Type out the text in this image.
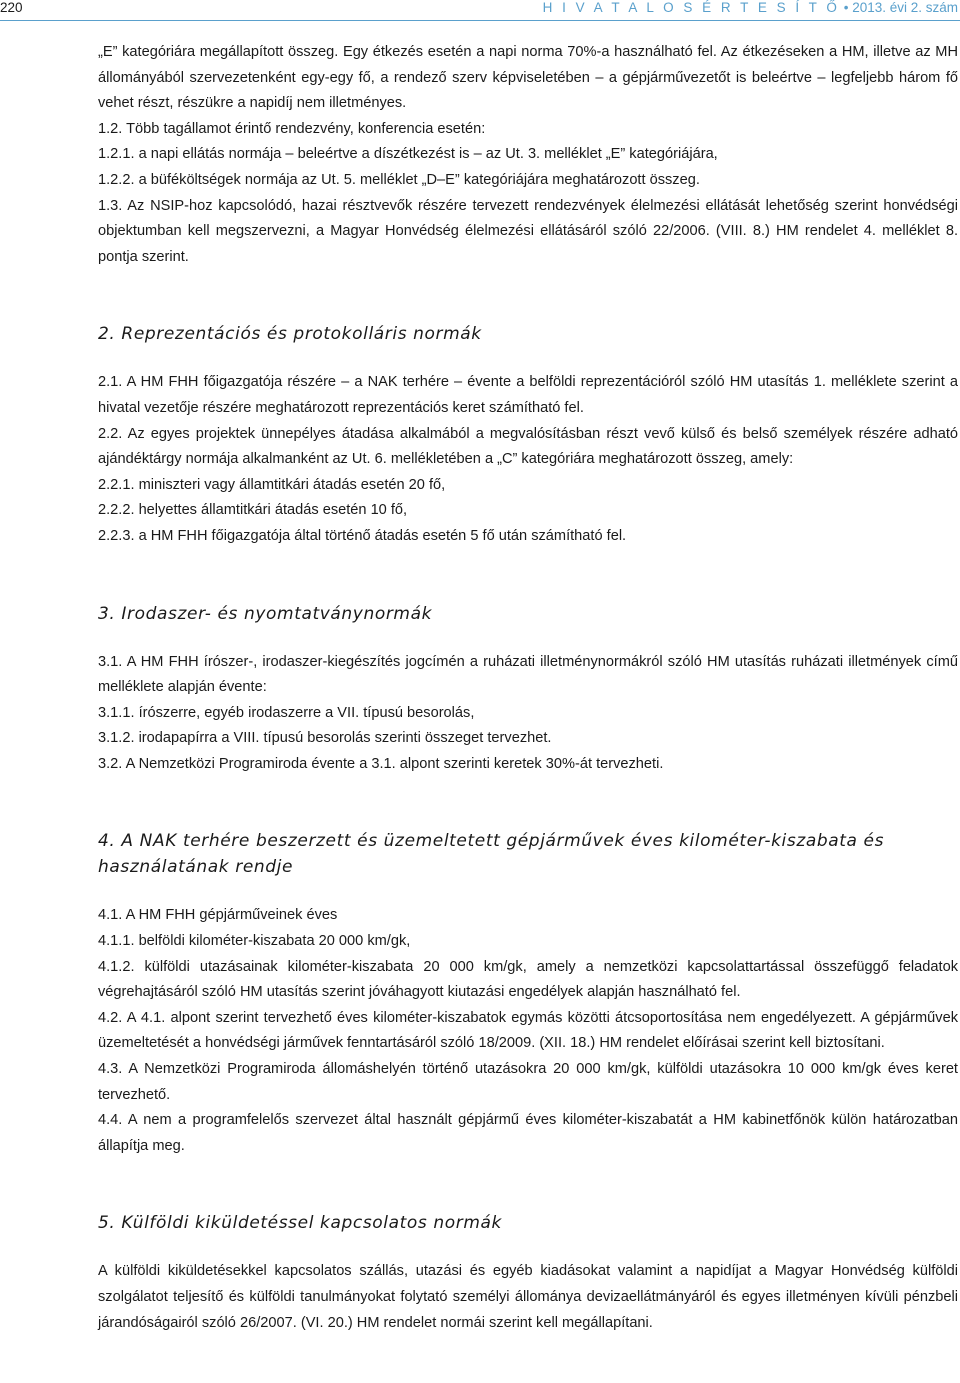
220	H I V A T A L O S É R T E S Í T Ő • 2013. évi 2. szám

„E” kategóriára megállapított összeg. Egy étkezés esetén a napi norma 70%-a használható fel. Az étkezéseken a HM, illetve az MH állományából szervezetenként egy-egy fő, a rendező szerv képviseletében – a gépjárművezetőt is beleértve – legfeljebb három fő vehet részt, részükre a napidíj nem illetményes.

1.2. Több tagállamot érintő rendezvény, konferencia esetén:

1.2.1. a napi ellátás normája – beleértve a díszétkezést is – az Ut. 3. melléklet „E” kategóriájára,

1.2.2. a büféköltségek normája az Ut. 5. melléklet „D–E” kategóriájára meghatározott összeg.

1.3. Az NSIP-hoz kapcsolódó, hazai résztvevők részére tervezett rendezvények élelmezési ellátását lehetőség szerint honvédségi objektumban kell megszervezni, a Magyar Honvédség élelmezési ellátásáról szóló 22/2006. (VIII. 8.) HM rendelet 4. melléklet 8. pontja szerint.

2. Reprezentációs és protokolláris normák

2.1. A HM FHH főigazgatója részére – a NAK terhére – évente a belföldi reprezentációról szóló HM utasítás 1. melléklete szerint a hivatal vezetője részére meghatározott reprezentációs keret számítható fel.

2.2. Az egyes projektek ünnepélyes átadása alkalmából a megvalósításban részt vevő külső és belső személyek részére adható ajándéktárgy normája alkalmanként az Ut. 6. mellékletében a „C” kategóriára meghatározott összeg, amely:

2.2.1. miniszteri vagy államtitkári átadás esetén 20 fő,

2.2.2. helyettes államtitkári átadás esetén 10 fő,

2.2.3. a HM FHH főigazgatója által történő átadás esetén 5 fő után számítható fel.

3. Irodaszer- és nyomtatványnormák

3.1. A HM FHH írószer-, irodaszer-kiegészítés jogcímén a ruházati illetménynormákról szóló HM utasítás ruházati illetmények című melléklete alapján évente:

3.1.1. írószerre, egyéb irodaszerre a VII. típusú besorolás,

3.1.2. irodapapírra a VIII. típusú besorolás szerinti összeget tervezhet.

3.2. A Nemzetközi Programiroda évente a 3.1. alpont szerinti keretek 30%-át tervezheti.

4. A NAK terhére beszerzett és üzemeltetett gépjárművek éves kilométer-kiszabata és használatának rendje

4.1. A HM FHH gépjárműveinek éves

4.1.1. belföldi kilométer-kiszabata 20 000 km/gk,

4.1.2. külföldi utazásainak kilométer-kiszabata 20 000 km/gk, amely a nemzetközi kapcsolattartással összefüggő feladatok végrehajtásáról szóló HM utasítás szerint jóváhagyott kiutazási engedélyek alapján használható fel.

4.2. A 4.1. alpont szerint tervezhető éves kilométer-kiszabatok egymás közötti átcsoportosítása nem engedélyezett. A gépjárművek üzemeltetését a honvédségi járművek fenntartásáról szóló 18/2009. (XII. 18.) HM rendelet előírásai szerint kell biztosítani.

4.3. A Nemzetközi Programiroda állomáshelyén történő utazásokra 20 000 km/gk, külföldi utazásokra 10 000 km/gk éves keret tervezhető.

4.4. A nem a programfelelős szervezet által használt gépjármű éves kilométer-kiszabatát a HM kabinetfőnök külön határozatban állapítja meg.

5. Külföldi kiküldetéssel kapcsolatos normák

A külföldi kiküldetésekkel kapcsolatos szállás, utazási és egyéb kiadásokat valamint a napidíjat a Magyar Honvédség külföldi szolgálatot teljesítő és külföldi tanulmányokat folytató személyi állománya devizaellátmányáról és egyes illetményen kívüli pénzbeli járandóságairól szóló 26/2007. (VI. 20.) HM rendelet normái szerint kell megállapítani.
